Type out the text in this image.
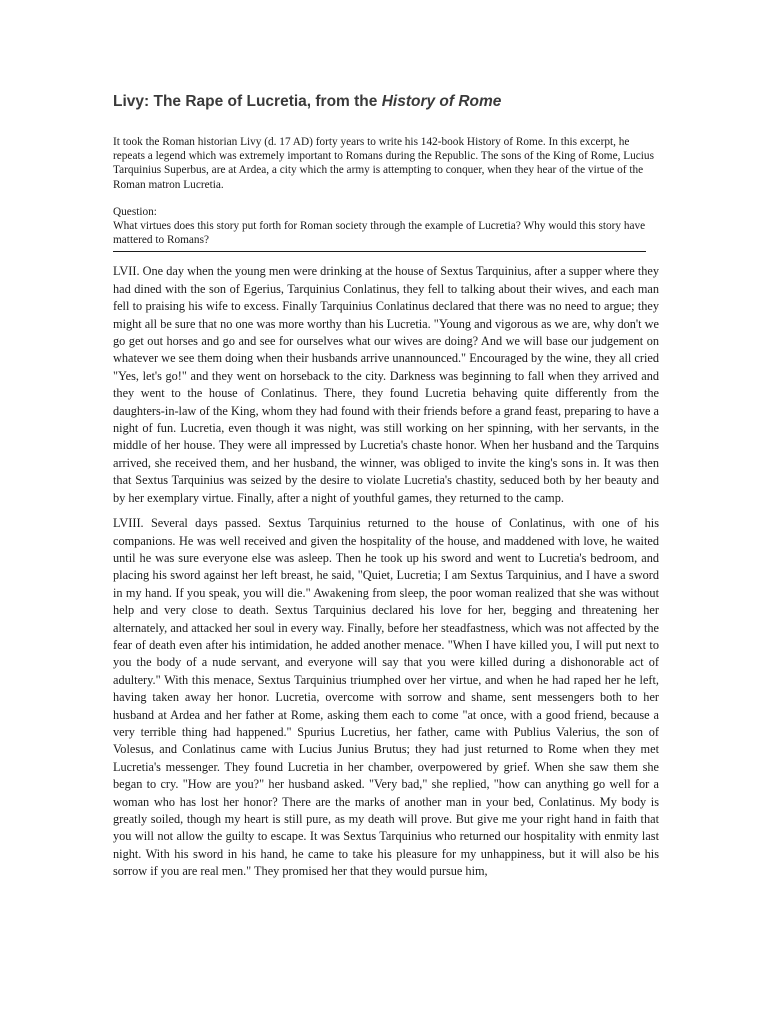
Livy: The Rape of Lucretia, from the History of Rome

It took the Roman historian Livy (d. 17 AD) forty years to write his 142-book History of Rome. In this excerpt, he repeats a legend which was extremely important to Romans during the Republic. The sons of the King of Rome, Lucius Tarquinius Superbus, are at Ardea, a city which the army is attempting to conquer, when they hear of the virtue of the Roman matron Lucretia.

Question:
What virtues does this story put forth for Roman society through the example of Lucretia? Why would this story have mattered to Romans?

LVII. One day when the young men were drinking at the house of Sextus Tarquinius, after a supper where they had dined with the son of Egerius, Tarquinius Conlatinus, they fell to talking about their wives, and each man fell to praising his wife to excess. Finally Tarquinius Conlatinus declared that there was no need to argue; they might all be sure that no one was more worthy than his Lucretia. "Young and vigorous as we are, why don't we go get out horses and go and see for ourselves what our wives are doing? And we will base our judgement on whatever we see them doing when their husbands arrive unannounced." Encouraged by the wine, they all cried "Yes, let's go!" and they went on horseback to the city. Darkness was beginning to fall when they arrived and they went to the house of Conlatinus. There, they found Lucretia behaving quite differently from the daughters-in-law of the King, whom they had found with their friends before a grand feast, preparing to have a night of fun. Lucretia, even though it was night, was still working on her spinning, with her servants, in the middle of her house. They were all impressed by Lucretia's chaste honor. When her husband and the Tarquins arrived, she received them, and her husband, the winner, was obliged to invite the king's sons in. It was then that Sextus Tarquinius was seized by the desire to violate Lucretia's chastity, seduced both by her beauty and by her exemplary virtue. Finally, after a night of youthful games, they returned to the camp.

LVIII. Several days passed. Sextus Tarquinius returned to the house of Conlatinus, with one of his companions. He was well received and given the hospitality of the house, and maddened with love, he waited until he was sure everyone else was asleep. Then he took up his sword and went to Lucretia's bedroom, and placing his sword against her left breast, he said, "Quiet, Lucretia; I am Sextus Tarquinius, and I have a sword in my hand. If you speak, you will die." Awakening from sleep, the poor woman realized that she was without help and very close to death. Sextus Tarquinius declared his love for her, begging and threatening her alternately, and attacked her soul in every way. Finally, before her steadfastness, which was not affected by the fear of death even after his intimidation, he added another menace. "When I have killed you, I will put next to you the body of a nude servant, and everyone will say that you were killed during a dishonorable act of adultery." With this menace, Sextus Tarquinius triumphed over her virtue, and when he had raped her he left, having taken away her honor. Lucretia, overcome with sorrow and shame, sent messengers both to her husband at Ardea and her father at Rome, asking them each to come "at once, with a good friend, because a very terrible thing had happened." Spurius Lucretius, her father, came with Publius Valerius, the son of Volesus, and Conlatinus came with Lucius Junius Brutus; they had just returned to Rome when they met Lucretia's messenger. They found Lucretia in her chamber, overpowered by grief. When she saw them she began to cry. "How are you?" her husband asked. "Very bad," she replied, "how can anything go well for a woman who has lost her honor? There are the marks of another man in your bed, Conlatinus. My body is greatly soiled, though my heart is still pure, as my death will prove. But give me your right hand in faith that you will not allow the guilty to escape. It was Sextus Tarquinius who returned our hospitality with enmity last night. With his sword in his hand, he came to take his pleasure for my unhappiness, but it will also be his sorrow if you are real men." They promised her that they would pursue him,
